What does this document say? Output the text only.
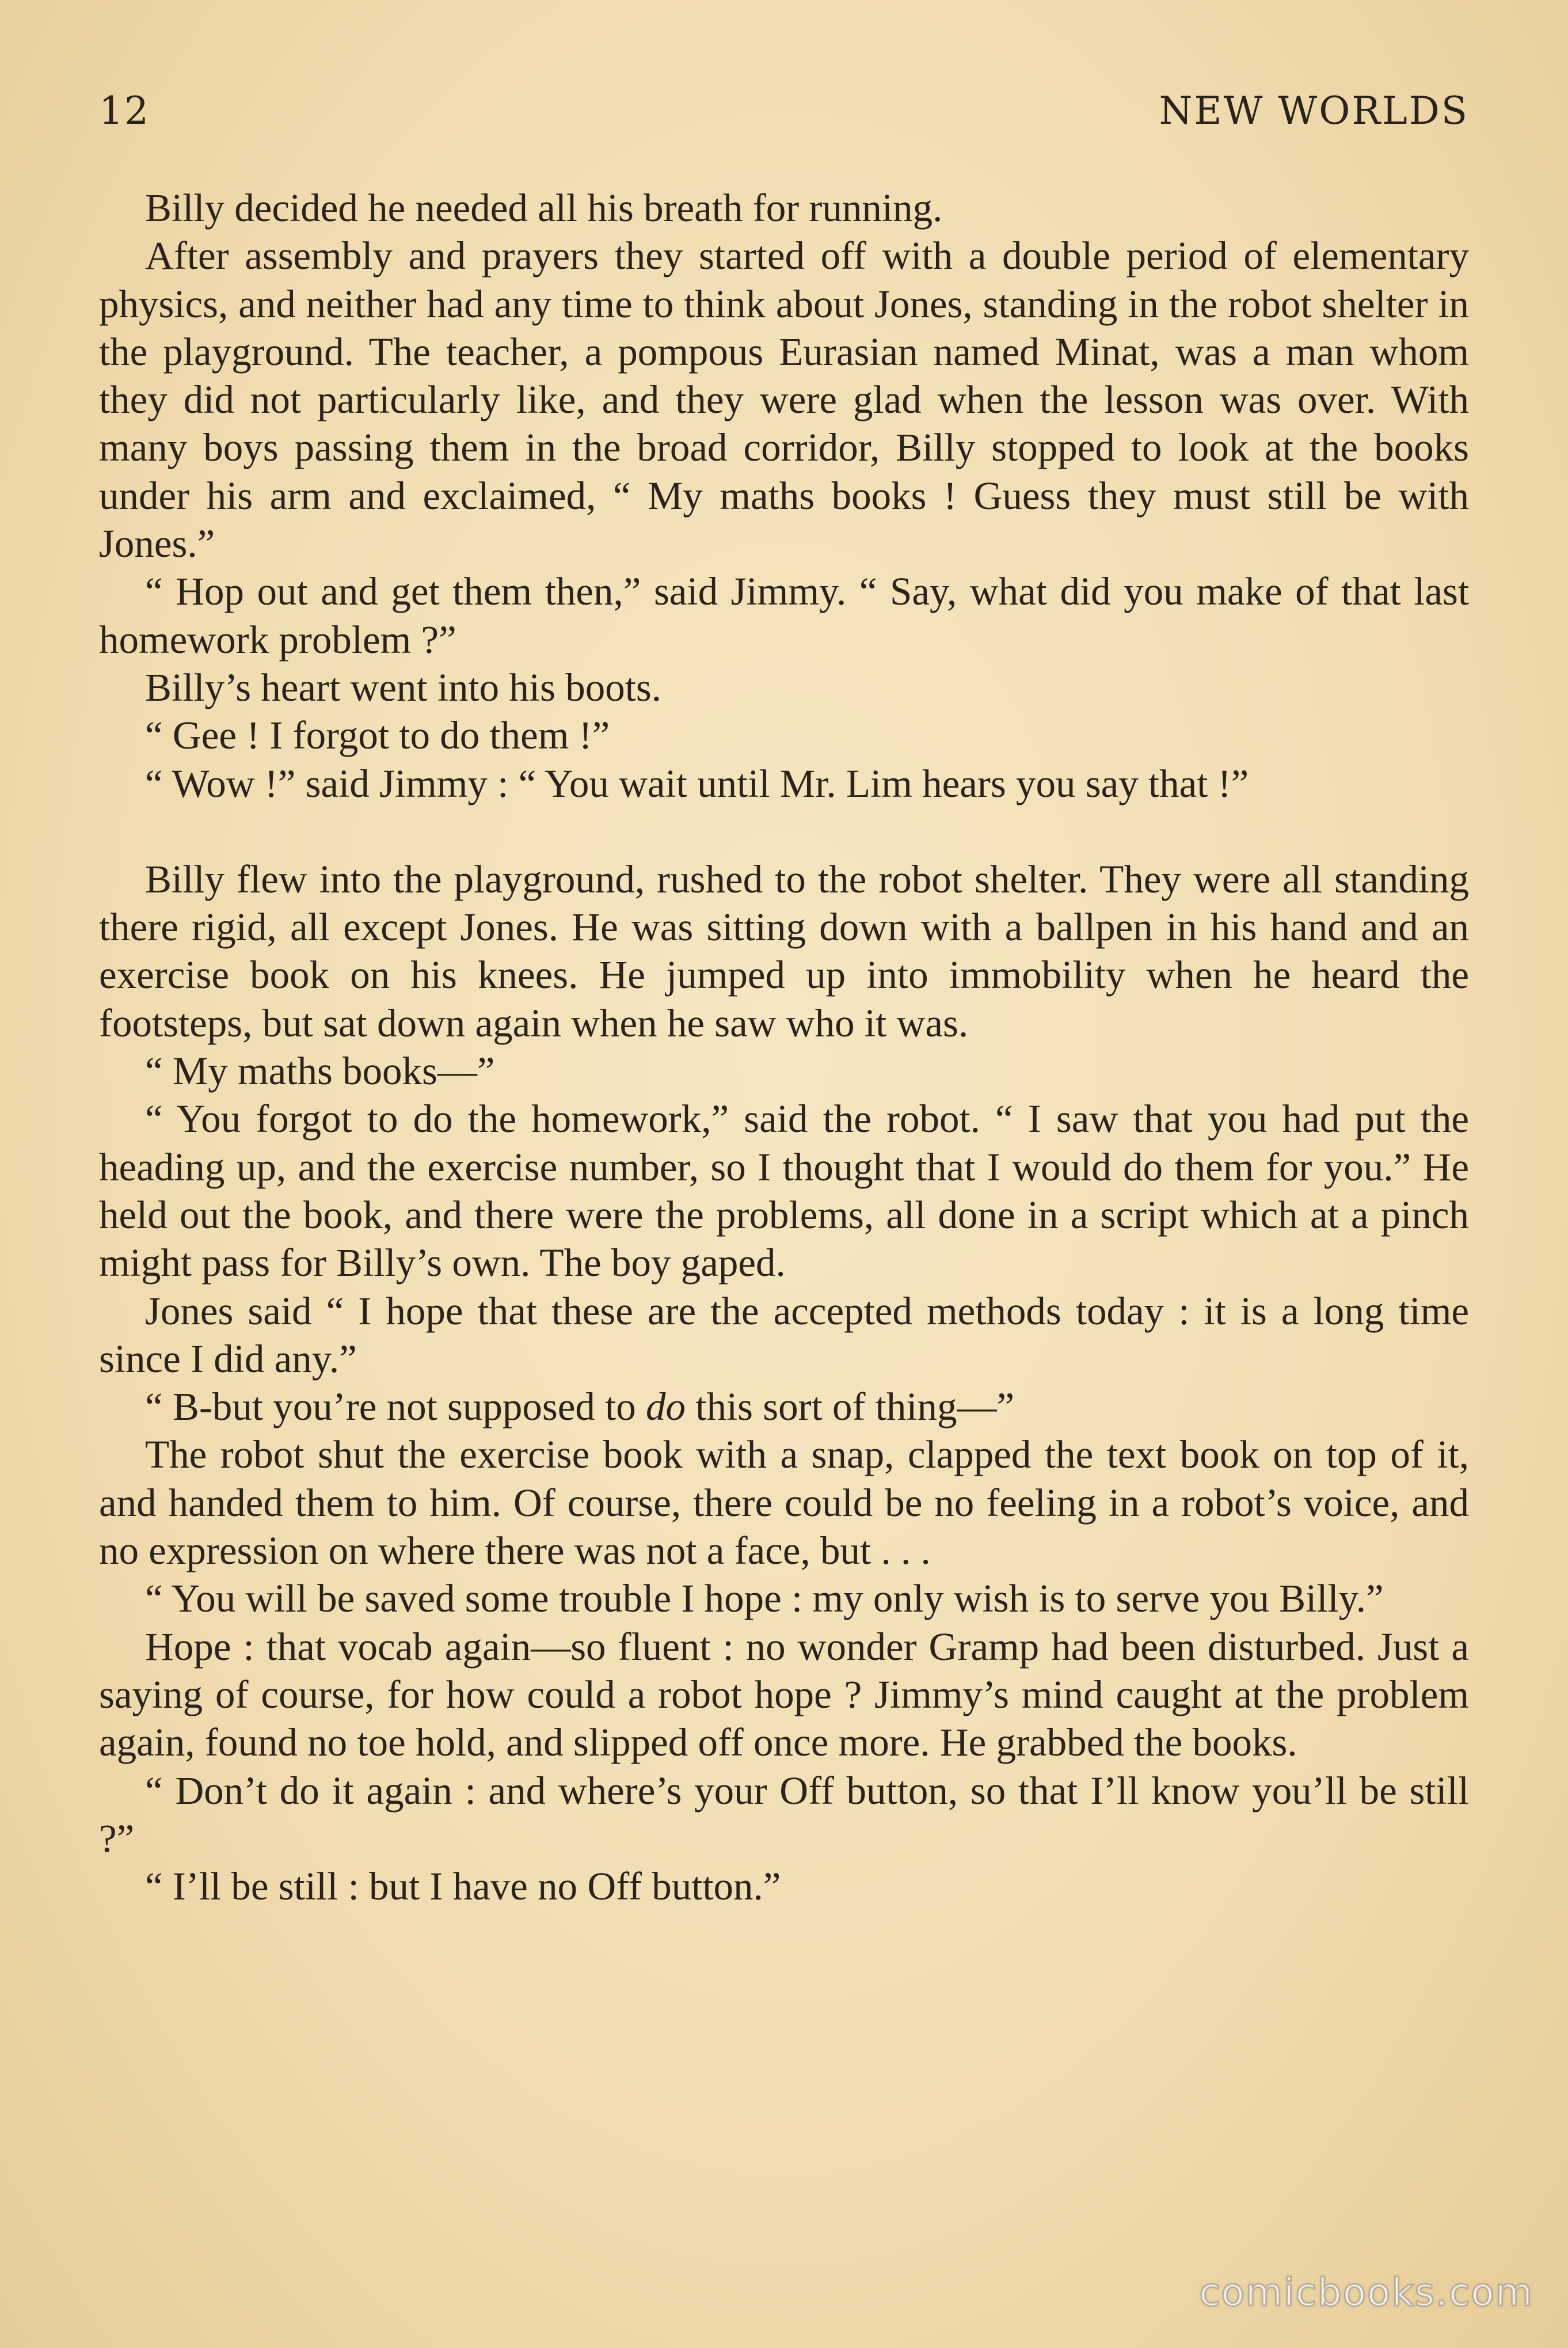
12	NEW WORLDS

Billy decided he needed all his breath for running.

After assembly and prayers they started off with a double period of elementary physics, and neither had any time to think about Jones, standing in the robot shelter in the playground. The teacher, a pompous Eurasian named Minat, was a man whom they did not particularly like, and they were glad when the lesson was over. With many boys passing them in the broad corridor, Billy stopped to look at the books under his arm and exclaimed, “ My maths books ! Guess they must still be with Jones.”

“ Hop out and get them then,” said Jimmy. “ Say, what did you make of that last homework problem ?”

Billy’s heart went into his boots.

“ Gee ! I forgot to do them !”

“ Wow !” said Jimmy : “ You wait until Mr. Lim hears you say that !”

Billy flew into the playground, rushed to the robot shelter. They were all standing there rigid, all except Jones. He was sitting down with a ballpen in his hand and an exercise book on his knees. He jumped up into immobility when he heard the footsteps, but sat down again when he saw who it was.

“ My maths books—”

“ You forgot to do the homework,” said the robot. “ I saw that you had put the heading up, and the exercise number, so I thought that I would do them for you.” He held out the book, and there were the problems, all done in a script which at a pinch might pass for Billy’s own. The boy gaped.

Jones said “ I hope that these are the accepted methods today : it is a long time since I did any.”

“ B-but you’re not supposed to do this sort of thing—”

The robot shut the exercise book with a snap, clapped the text book on top of it, and handed them to him. Of course, there could be no feeling in a robot’s voice, and no expression on where there was not a face, but . . .

“ You will be saved some trouble I hope : my only wish is to serve you Billy.”

Hope : that vocab again—so fluent : no wonder Gramp had been disturbed. Just a saying of course, for how could a robot hope ? Jimmy’s mind caught at the problem again, found no toe hold, and slipped off once more. He grabbed the books.

“ Don’t do it again : and where’s your Off button, so that I’ll know you’ll be still ?”

“ I’ll be still : but I have no Off button.”

comicbooks.com
